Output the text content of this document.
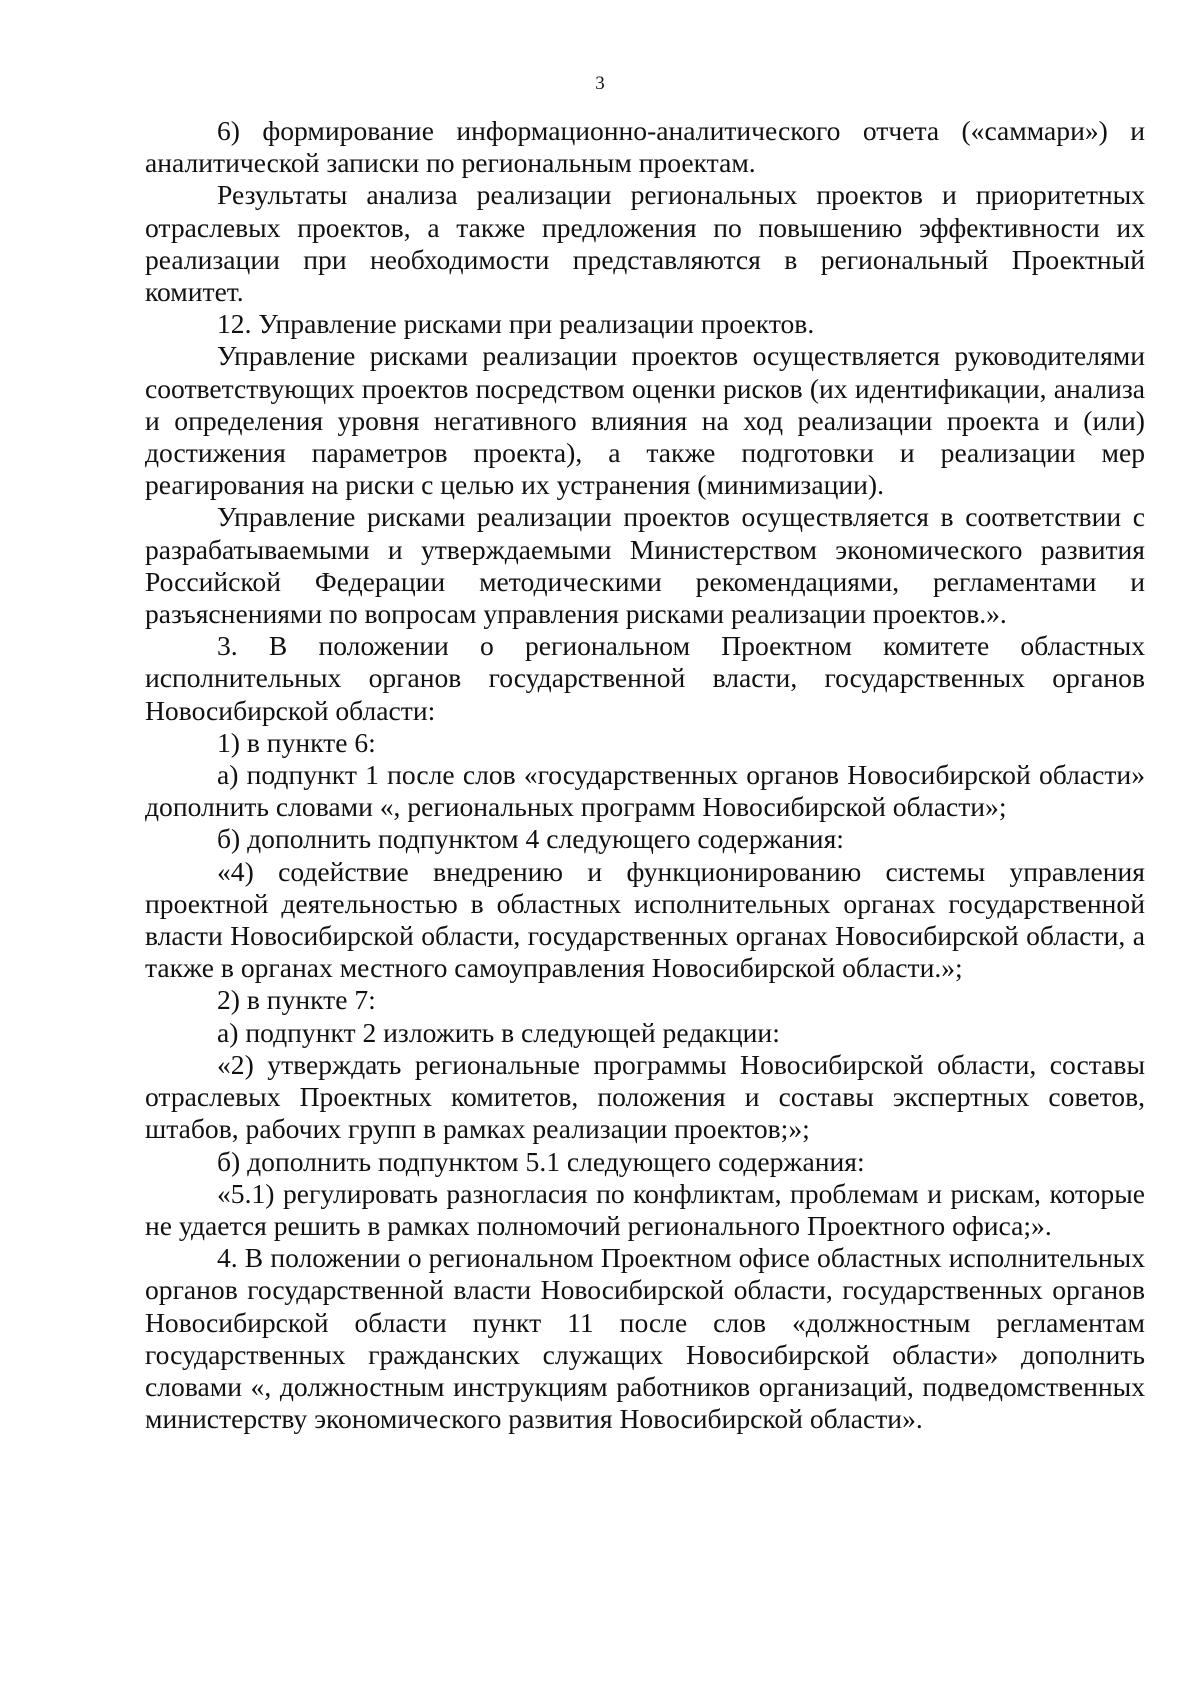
3

6) формирование информационно-аналитического отчета («саммари») и аналитической записки по региональным проектам.

Результаты анализа реализации региональных проектов и приоритетных отраслевых проектов, а также предложения по повышению эффективности их реализации при необходимости представляются в региональный Проектный комитет.

12. Управление рисками при реализации проектов.

Управление рисками реализации проектов осуществляется руководителями соответствующих проектов посредством оценки рисков (их идентификации, анализа и определения уровня негативного влияния на ход реализации проекта и (или) достижения параметров проекта), а также подготовки и реализации мер реагирования на риски с целью их устранения (минимизации).

Управление рисками реализации проектов осуществляется в соответствии с разрабатываемыми и утверждаемыми Министерством экономического развития Российской Федерации методическими рекомендациями, регламентами и разъяснениями по вопросам управления рисками реализации проектов.».

3. В положении о региональном Проектном комитете областных исполнительных органов государственной власти, государственных органов Новосибирской области:

1) в пункте 6:

а) подпункт 1 после слов «государственных органов Новосибирской области» дополнить словами «, региональных программ Новосибирской области»;

б) дополнить подпунктом 4 следующего содержания:

«4) содействие внедрению и функционированию системы управления проектной деятельностью в областных исполнительных органах государственной власти Новосибирской области, государственных органах Новосибирской области, а также в органах местного самоуправления Новосибирской области.»;

2) в пункте 7:

а) подпункт 2 изложить в следующей редакции:

«2) утверждать региональные программы Новосибирской области, составы отраслевых Проектных комитетов, положения и составы экспертных советов, штабов, рабочих групп в рамках реализации проектов;»;

б) дополнить подпунктом 5.1 следующего содержания:

«5.1) регулировать разногласия по конфликтам, проблемам и рискам, которые не удается решить в рамках полномочий регионального Проектного офиса;».

4. В положении о региональном Проектном офисе областных исполнительных органов государственной власти Новосибирской области, государственных органов Новосибирской области пункт 11 после слов «должностным регламентам государственных гражданских служащих Новосибирской области» дополнить словами «, должностным инструкциям работников организаций, подведомственных министерству экономического развития Новосибирской области».
